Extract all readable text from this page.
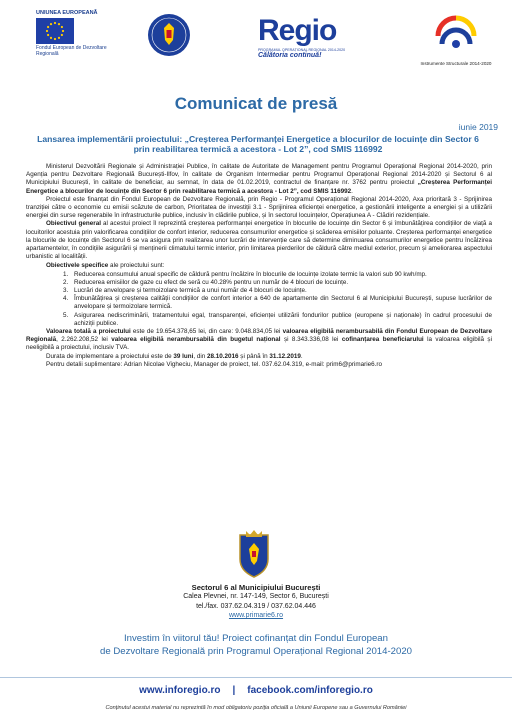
UNIUNEA EUROPEANĂ
Fondul European de Dezvoltare Regională
Regio
PROGRAMUL OPERAȚIONAL REGIONAL 2014-2020
Călătoria continuă!
Instrumente Structurale 2014-2020
Comunicat de presă
iunie 2019
Lansarea implementării proiectului: „Creșterea Performanței Energetice a blocurilor de locuințe din Sector 6 prin reabilitarea termică a acestora - Lot 2”, cod SMIS 116992

Ministerul Dezvoltării Regionale și Administrației Publice, în calitate de Autoritate de Management pentru Programul Operațional Regional 2014-2020, prin Agenția pentru Dezvoltare Regională București-Ilfov, în calitate de Organism Intermediar pentru Programul Operațional Regional 2014-2020 și Sectorul 6 al Municipiului București, în calitate de beneficiar, au semnat, în data de 01.02.2019, contractul de finanțare nr. 3762 pentru proiectul „Creșterea Performanței Energetice a blocurilor de locuințe din Sector 6 prin reabilitarea termică a acestora - Lot 2”, cod SMIS 116992.

Proiectul este finanțat din Fondul European de Dezvoltare Regională, prin Regio - Programul Operațional Regional 2014-2020, Axa prioritară 3 - Sprijinirea tranziției către o economie cu emisii scăzute de carbon, Prioritatea de investiții 3.1 - Sprijinirea eficienței energetice, a gestionării inteligente a energiei și a utilizării energiei din surse regenerabile în infrastructurile publice, inclusiv în clădirile publice, și în sectorul locuințelor, Operațiunea A - Clădiri rezidențiale.

Obiectivul general al acestui proiect îl reprezintă creșterea performanței energetice în blocurile de locuințe din Sector 6 și îmbunătățirea condițiilor de viață a locuitorilor acestuia prin valorificarea condițiilor de confort interior, reducerea consumurilor energetice și scăderea emisiilor poluante. Creșterea performanței energetice la blocurile de locuințe din Sectorul 6 se va asigura prin realizarea unor lucrări de intervenție care să determine diminuarea consumurilor energetice pentru încălzirea apartamentelor, în condițiile asigurării și menținerii climatului termic interior, prin limitarea pierderilor de căldură către mediul exterior, precum și ameliorarea aspectului urbanistic al localității.

Obiectivele specifice ale proiectului sunt:

1. Reducerea consumului anual specific de căldură pentru încălzire în blocurile de locuințe izolate termic la valori sub 90 kwh/mp.
2. Reducerea emisiilor de gaze cu efect de seră cu 40.28% pentru un număr de 4 blocuri de locuințe.
3. Lucrări de anvelopare și termoizolare termică a unui număr de 4 blocuri de locuințe.
4. Îmbunătățirea și creșterea calității condițiilor de confort interior a 640 de apartamente din Sectorul 6 al Municipiului București, supuse lucrărilor de anvelopare și termoizolare termică.
5. Asigurarea nediscriminării, tratamentului egal, transparenței, eficienței utilizării fondurilor publice (europene și naționale) în cadrul procesului de achiziții publice.

Valoarea totală a proiectului este de 19.654.378,65 lei, din care: 9.048.834,05 lei valoarea eligibilă nerambursabilă din Fondul European de Dezvoltare Regională, 2.262.208,52 lei valoarea eligibilă nerambursabilă din bugetul național și 8.343.336,08 lei cofinanțarea beneficiarului la valoarea eligibilă și neeligibilă a proiectului, inclusiv TVA.

Durata de implementare a proiectului este de 39 luni, din 28.10.2016 și până în 31.12.2019.

Pentru detalii suplimentare: Adrian Nicolae Vigheciu, Manager de proiect, tel. 037.62.04.319, e-mail: prim6@primarie6.ro

Sectorul 6 al Municipiului București
Calea Plevnei, nr. 147-149, Sector 6, București
tel./fax. 037.62.04.319 / 037.62.04.446
www.primarie6.ro
Investim în viitorul tău! Proiect cofinanțat din Fondul European
de Dezvoltare Regională prin Programul Operațional Regional 2014-2020
www.inforegio.ro | facebook.com/inforegio.ro
Conținutul acestui material nu reprezintă în mod obligatoriu poziția oficială a Uniunii Europene sau a Guvernului României
